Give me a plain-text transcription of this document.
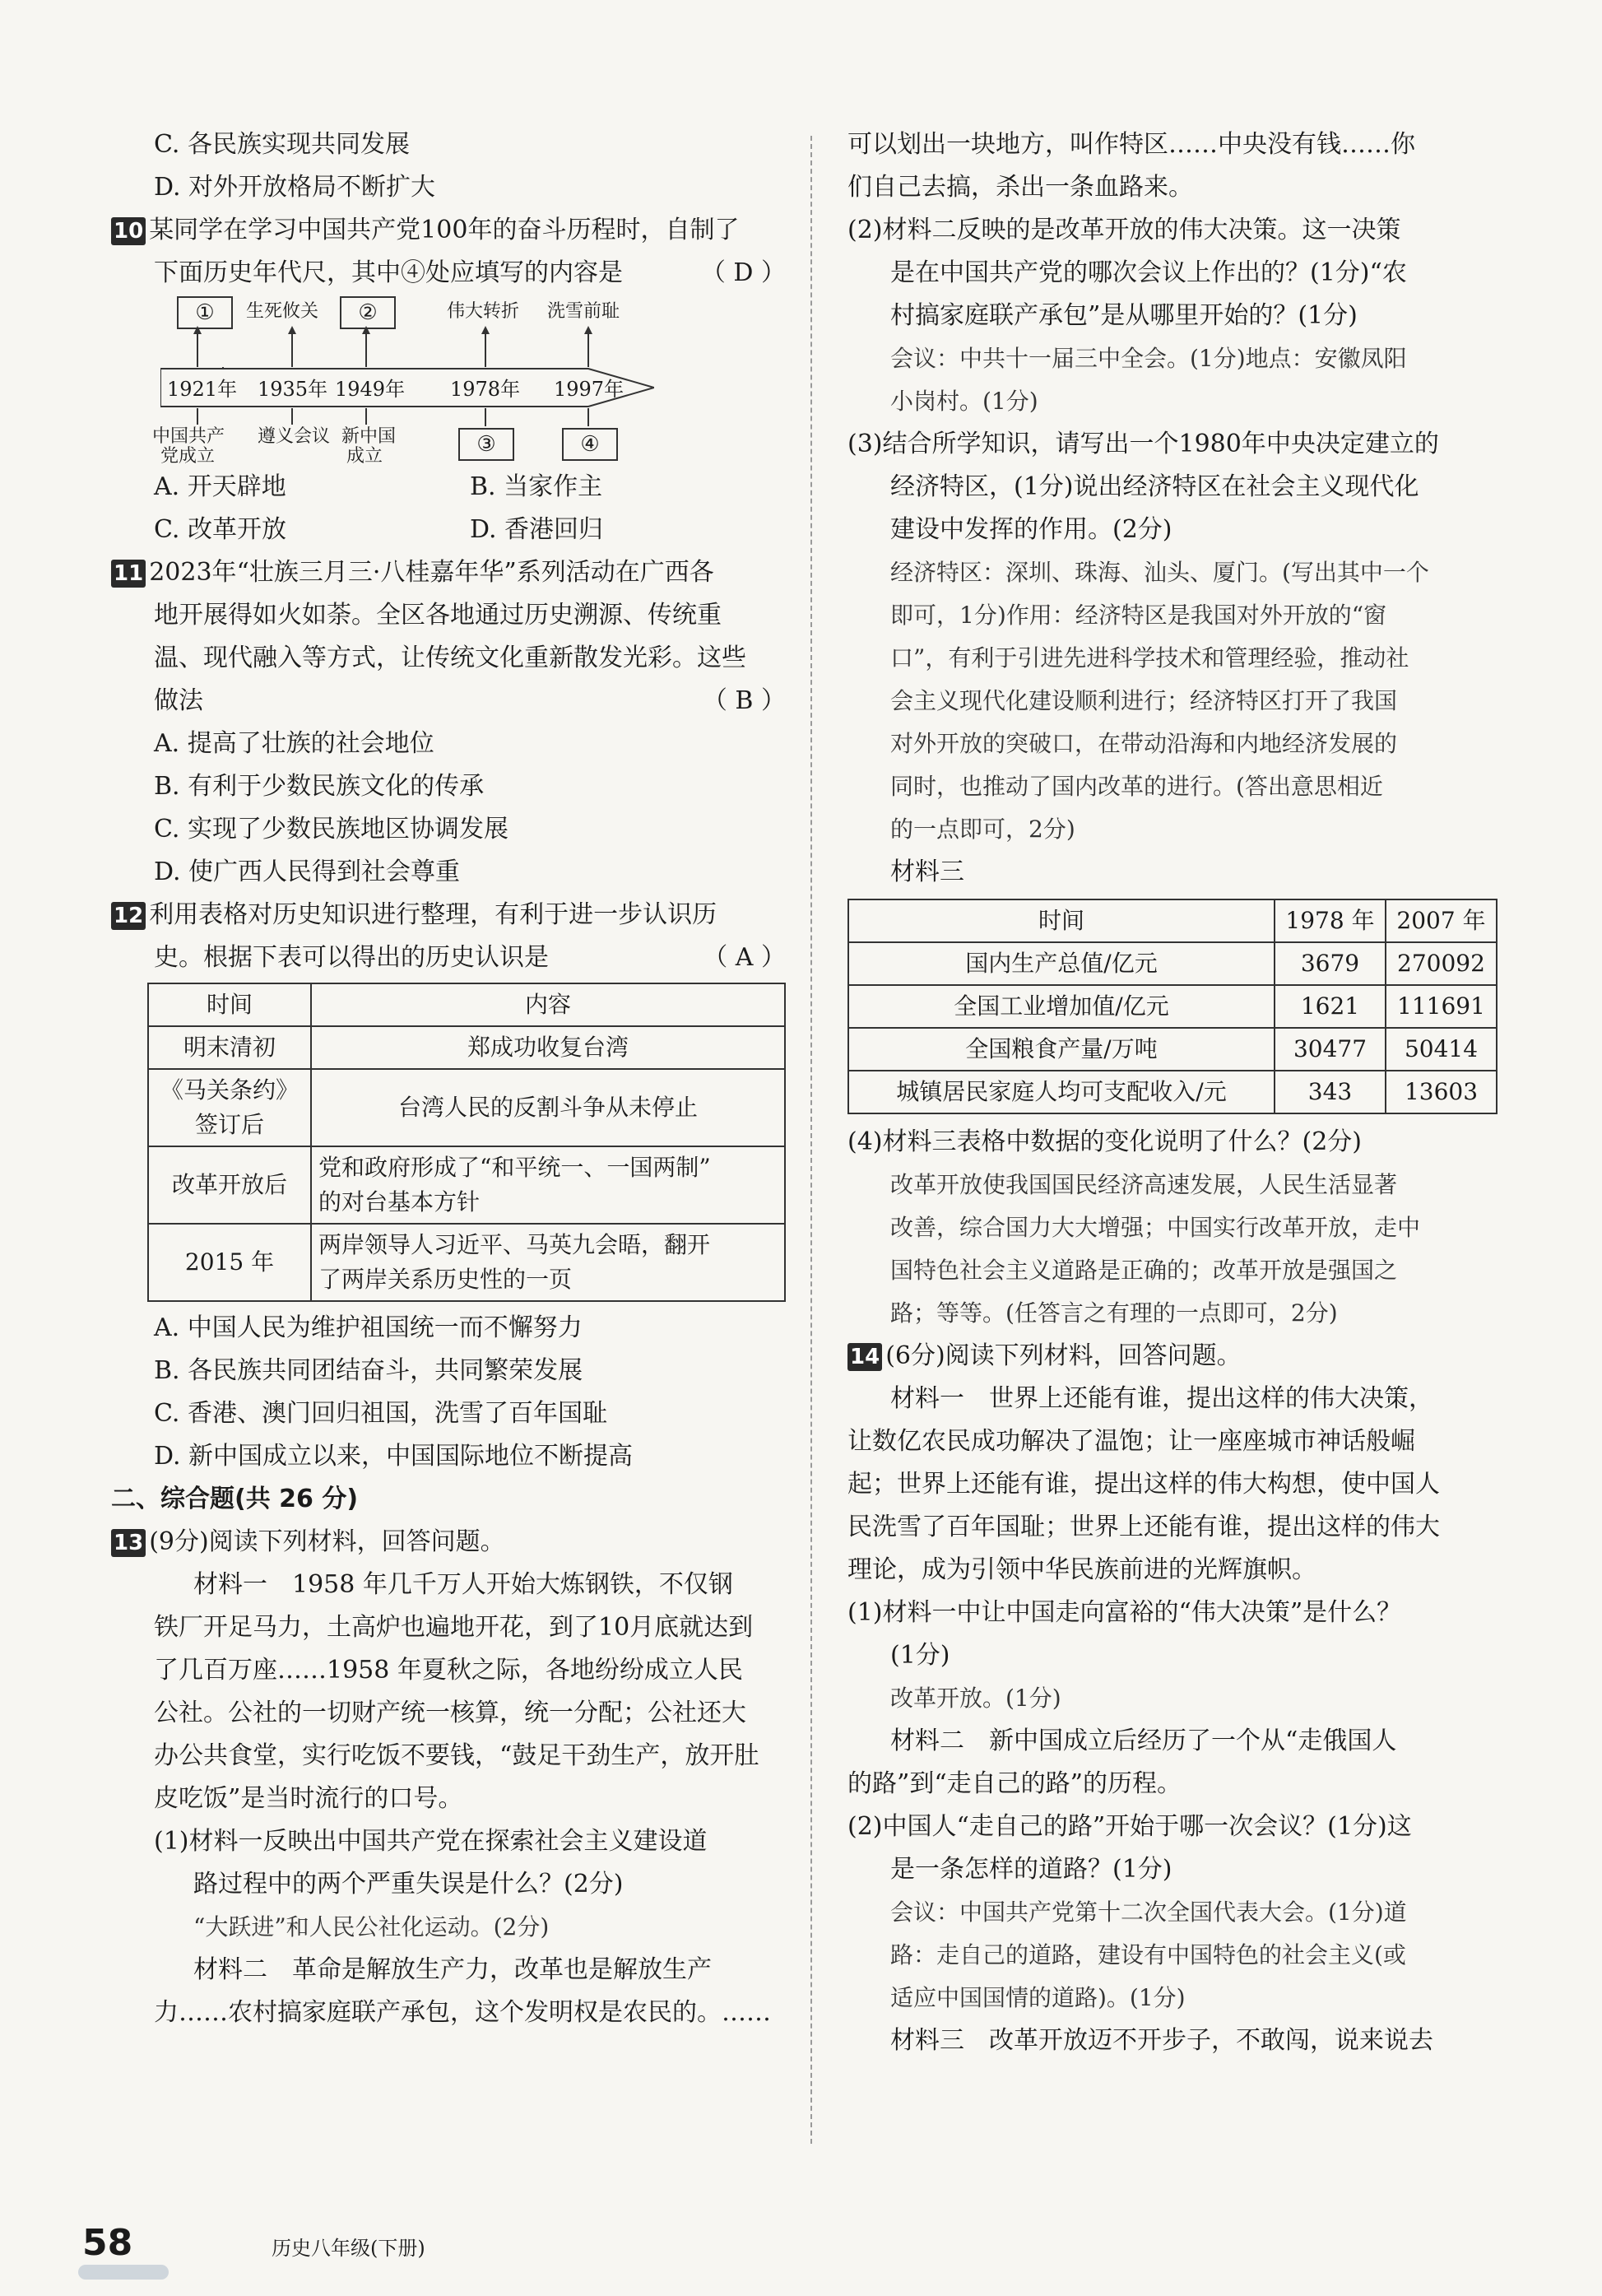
C. 各民族实现共同发展

D. 对外开放格局不断扩大

10 某同学在学习中国共产党100年的奋斗历程时，自制了

下面历史年代尺，其中④处应填写的内容是	（ D ）

①	生死攸关	②	伟大转折 洗雪前耻
1921年 1935年 1949年 1978年 1997年
中国共产
党成立
遵义会议 新中国
成立	③	④
A. 开天辟地	B. 当家作主
C. 改革开放	D. 香港回归

11 2023年“壮族三月三·八桂嘉年华”系列活动在广西各

地开展得如火如荼。全区各地通过历史溯源、传统重

温、现代融入等方式，让传统文化重新散发光彩。这些

做法	（ B ）

A. 提高了壮族的社会地位

B. 有利于少数民族文化的传承

C. 实现了少数民族地区协调发展

D. 使广西人民得到社会尊重

12 利用表格对历史知识进行整理，有利于进一步认识历

史。根据下表可以得出的历史认识是	（ A ）

时间	内容
明末清初	郑成功收复台湾

《马关条约》
签订后	台湾人民的反割斗争从未停止
改革开放后	党和政府形成了“和平统一、一国两制”
的对台基本方针

2015 年	两岸领导人习近平、马英九会晤，翻开
了两岸关系历史性的一页

A. 中国人民为维护祖国统一而不懈努力

B. 各民族共同团结奋斗，共同繁荣发展

C. 香港、澳门回归祖国，洗雪了百年国耻

D. 新中国成立以来，中国国际地位不断提高

二、综合题(共 26 分)

13 (9分)阅读下列材料，回答问题。

材料一　1958 年几千万人开始大炼钢铁，不仅钢

铁厂开足马力，土高炉也遍地开花，到了10月底就达到

了几百万座……1958 年夏秋之际，各地纷纷成立人民

公社。公社的一切财产统一核算，统一分配；公社还大

办公共食堂，实行吃饭不要钱，“鼓足干劲生产，放开肚

皮吃饭”是当时流行的口号。

(1)材料一反映出中国共产党在探索社会主义建设道

路过程中的两个严重失误是什么？(2分)

“大跃进”和人民公社化运动。(2分)

材料二　革命是解放生产力，改革也是解放生产

力……农村搞家庭联产承包，这个发明权是农民的。……

可以划出一块地方，叫作特区……中央没有钱……你

们自己去搞，杀出一条血路来。

(2)材料二反映的是改革开放的伟大决策。这一决策

是在中国共产党的哪次会议上作出的？(1分)“农

村搞家庭联产承包”是从哪里开始的？(1分)

会议：中共十一届三中全会。(1分)地点：安徽凤阳

小岗村。(1分)

(3)结合所学知识，请写出一个1980年中央决定建立的

经济特区，(1分)说出经济特区在社会主义现代化

建设中发挥的作用。(2分)

经济特区：深圳、珠海、汕头、厦门。(写出其中一个

即可，1分)作用：经济特区是我国对外开放的“窗

口”，有利于引进先进科学技术和管理经验，推动社

会主义现代化建设顺利进行；经济特区打开了我国

对外开放的突破口，在带动沿海和内地经济发展的

同时，也推动了国内改革的进行。(答出意思相近

的一点即可，2分)

材料三

时间	1978 年	2007 年
国内生产总值/亿元	3679	270092
全国工业增加值/亿元	1621	111691
全国粮食产量/万吨	30477	50414
城镇居民家庭人均可支配收入/元	343	13603

(4)材料三表格中数据的变化说明了什么？(2分)

改革开放使我国国民经济高速发展，人民生活显著

改善，综合国力大大增强；中国实行改革开放，走中

国特色社会主义道路是正确的；改革开放是强国之

路；等等。(任答言之有理的一点即可，2分)

14 (6分)阅读下列材料，回答问题。

材料一　世界上还能有谁，提出这样的伟大决策，

让数亿农民成功解决了温饱；让一座座城市神话般崛

起；世界上还能有谁，提出这样的伟大构想，使中国人

民洗雪了百年国耻；世界上还能有谁，提出这样的伟大

理论，成为引领中华民族前进的光辉旗帜。

(1)材料一中让中国走向富裕的“伟大决策”是什么？

(1分)

改革开放。(1分)

材料二　新中国成立后经历了一个从“走俄国人

的路”到“走自己的路”的历程。

(2)中国人“走自己的路”开始于哪一次会议？(1分)这

是一条怎样的道路？(1分)

会议：中国共产党第十二次全国代表大会。(1分)道

路：走自己的道路，建设有中国特色的社会主义(或

适应中国国情的道路)。(1分)

材料三　改革开放迈不开步子，不敢闯，说来说去

58	历史八年级(下册)
